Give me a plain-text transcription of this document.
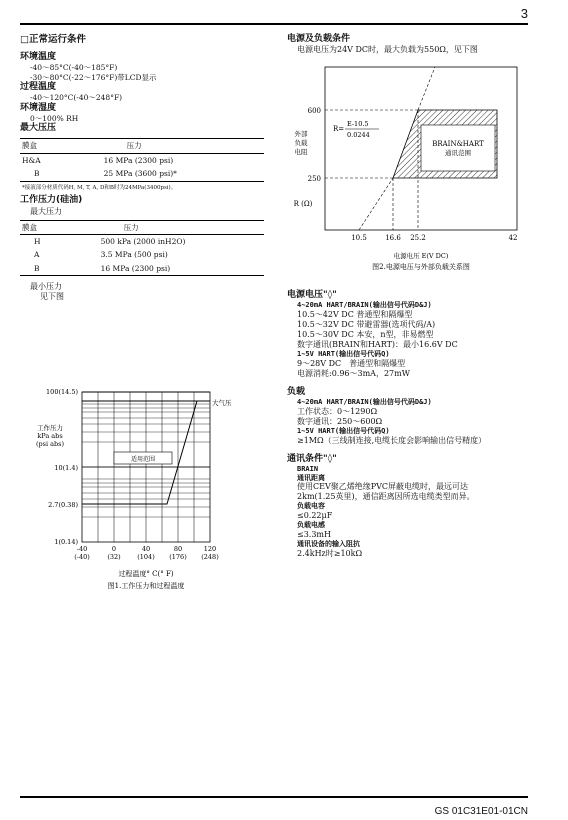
3

□正常运行条件

环境温度

-40～85°C(-40～185°F)

-30～80°C(-22～176°F)带LCD显示

过程温度

-40～120°C(-40～248°F)

环境湿度

0～100% RH

最大压压

膜盒	压力
H&A	16 MPa (2300 psi)
B	25 MPa (3600 psi)*

*接液部分材质代码H, M, T, A, D和B时为24MPa(3400psi)。

工作压力(硅油)

最大压力

膜盒	压力
H	500 kPa (2000 inH2O)
A	3.5 MPa (500 psi)
B	16 MPa (2300 psi)

最小压力

见下图

适用范围
大气压
100(14.5)
10(1.4)
2.7(0.38)
1(0.14)
工作压力
kPa abs
(psi abs)
-40
(-40)
0
(32)
40
(104)
80
(176)
120
(248)
过程温度° C(° F)
图1.工作压力和过程温度

电源及负载条件

电源电压为24V DC时，最大负载为550Ω，见下图

BRAIN&HART
通讯范围
R=
E-10.5
0.0244
600
250
外部
负载
电阻
R (Ω)
10.5	16.6 25.2	42
电源电压 E(V DC)
图2.电源电压与外部负载关系图

电源电压"◊"

4~20mA HART/BRAIN(输出信号代码D&J)

10.5～42V DC 普通型和隔爆型

10.5～32V DC 带避雷器(选项代码/A)

10.5～30V DC 本安，n型，非易燃型

数字通讯(BRAIN和HART)：最小16.6V DC

1~5V HART(输出信号代码Q)

9～28V DC　普通型和隔爆型

电源消耗:0.96～3mA，27mW

负载

4~20mA HART/BRAIN(输出信号代码D&J)

工作状态：0～1290Ω

数字通讯：250～600Ω

1~5V HART(输出信号代码Q)

≥1MΩ（三线制连接,电缆长度会影响输出信号精度）

通讯条件"◊"

BRAIN

通讯距离

使用CEV聚乙烯绝缘PVC屏蔽电缆时，最远可达

2km(1.25英里)，通信距离因所选电缆类型而异。

负载电容

≤0.22μF

负载电感

≤3.3mH

通讯设备的输入阻抗

2.4kHz时≥10kΩ

GS 01C31E01-01CN
